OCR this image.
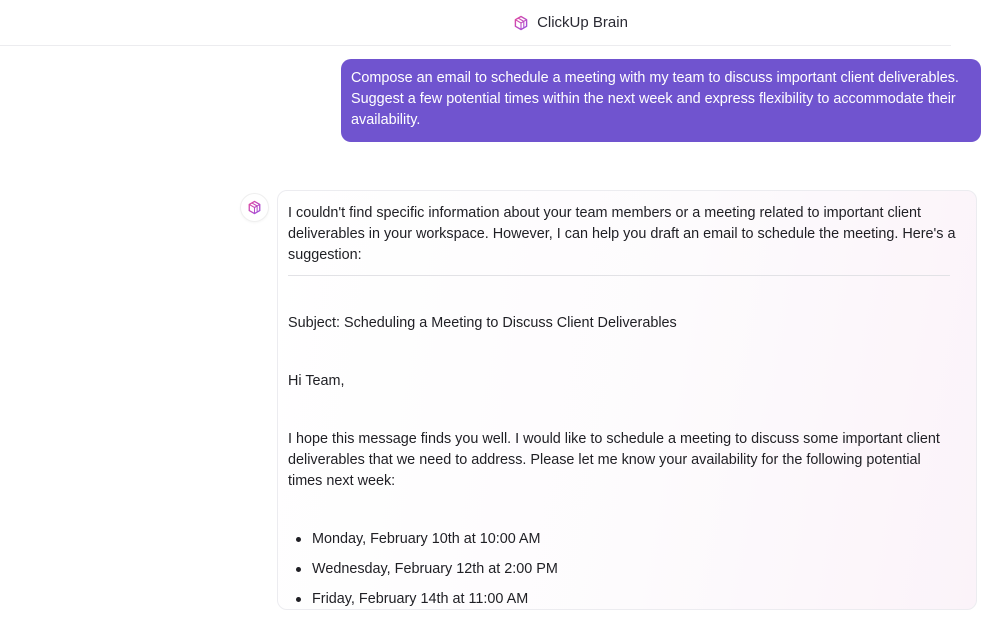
ClickUp Brain
Compose an email to schedule a meeting with my team to discuss important client deliverables. Suggest a few potential times within the next week and express flexibility to accommodate their availability.

I couldn't find specific information about your team members or a meeting related to important client deliverables in your workspace. However, I can help you draft an email to schedule the meeting. Here's a suggestion:

Subject: Scheduling a Meeting to Discuss Client Deliverables

Hi Team,

I hope this message finds you well. I would like to schedule a meeting to discuss some important client deliverables that we need to address. Please let me know your availability for the following potential times next week:

Monday, February 10th at 10:00 AM
Wednesday, February 12th at 2:00 PM
Friday, February 14th at 11:00 AM
